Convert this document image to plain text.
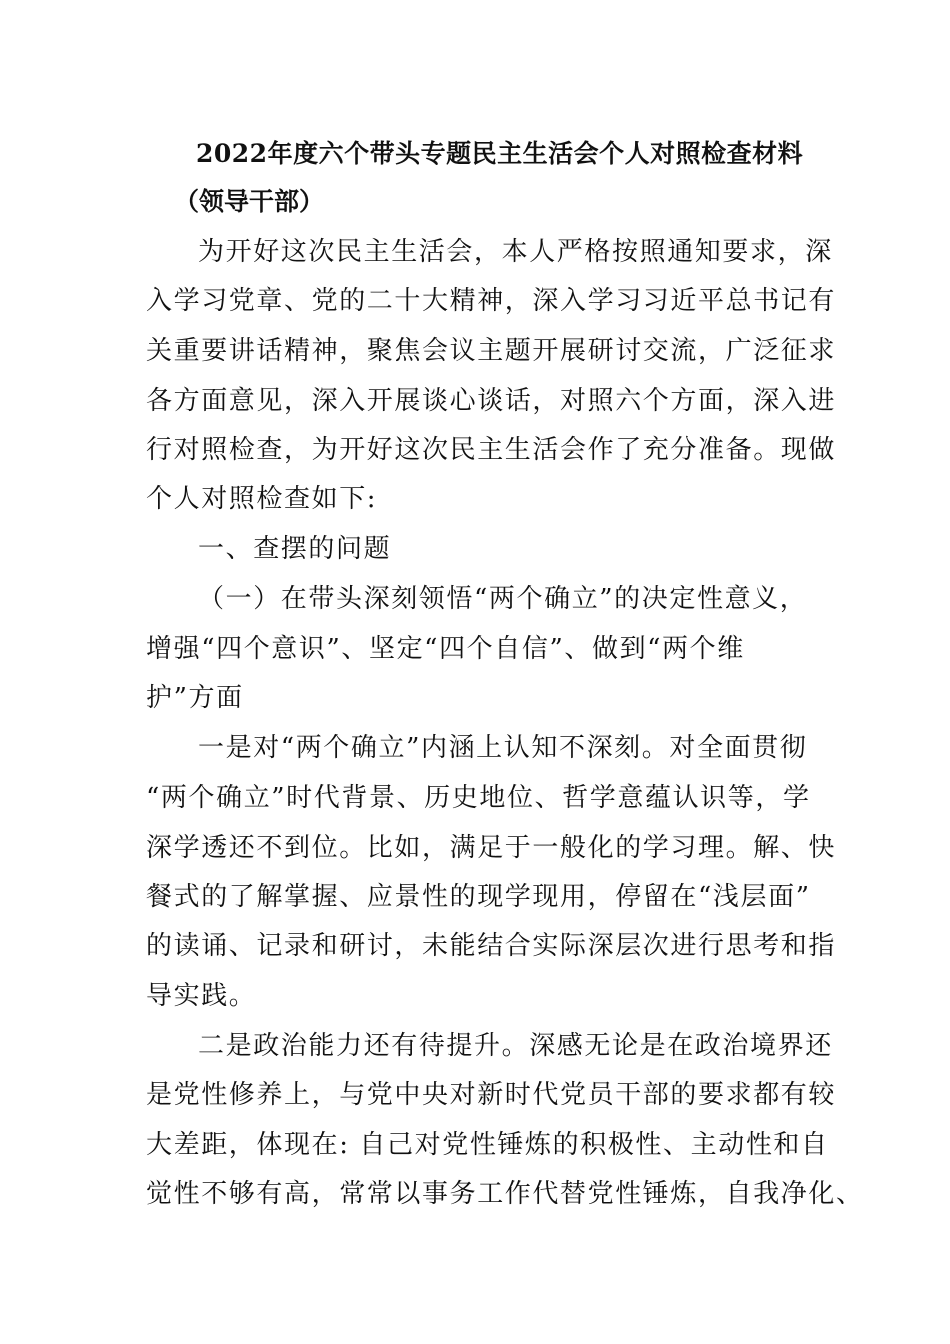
2022年度六个带头专题民主生活会个人对照检查材料
（领导干部）
为开好这次民主生活会，本人严格按照通知要求，深
入学习党章、党的二十大精神，深入学习习近平总书记有
关重要讲话精神，聚焦会议主题开展研讨交流，广泛征求
各方面意见，深入开展谈心谈话，对照六个方面，深入进
行对照检查，为开好这次民主生活会作了充分准备。现做
个人对照检查如下:
一、查摆的问题
（一）在带头深刻领悟“两个确立”的决定性意义，
增强“四个意识”、坚定“四个自信”、做到“两个维
护”方面
一是对“两个确立”内涵上认知不深刻。对全面贯彻
“两个确立”时代背景、历史地位、哲学意蕴认识等，学
深学透还不到位。比如，满足于一般化的学习理。解、快
餐式的了解掌握、应景性的现学现用，停留在“浅层面”
的读诵、记录和研讨，未能结合实际深层次进行思考和指
导实践。
二是政治能力还有待提升。深感无论是在政治境界还
是党性修养上，与党中央对新时代党员干部的要求都有较
大差距，体现在: 自己对党性锤炼的积极性、主动性和自
觉性不够有高，常常以事务工作代替党性锤炼，自我净化、
